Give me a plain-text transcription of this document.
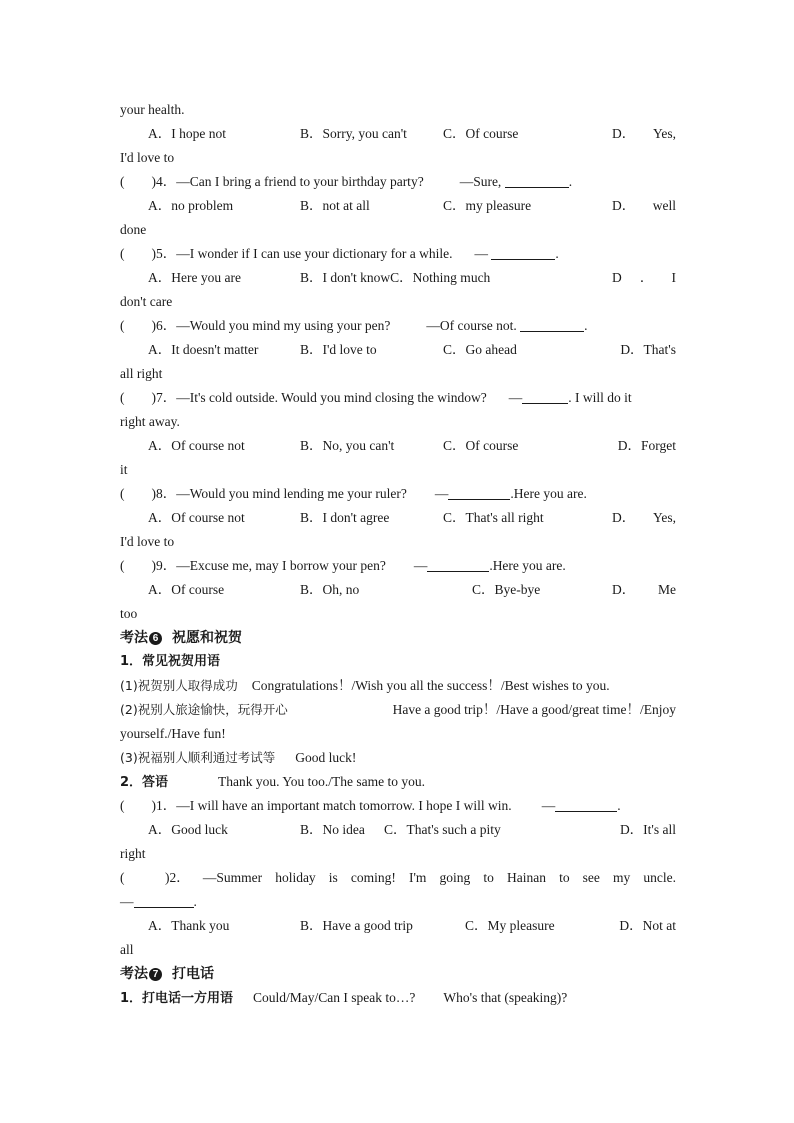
your health.
A．I hope not	B．Sorry, you can't	C．Of course	D． Yes,
I'd love to
(　　)4．—Can I bring a friend to your birthday party?	—Sure,	.
A．no problem	B．not at all	C．my pleasure	D． well
done
(　　)5．—I wonder if I can use your dictionary for a while. —	.
A．Here you are	B．I don't knowC．Nothing much	D ． I
don't care
(　　)6．—Would you mind my using your pen?	—Of course not.	.
A．It doesn't matter	B．I'd love to	C．Go ahead	D．That's
all right
(　　)7．—It's cold outside. Would you mind closing the window? —	. I will do it
right away.
A．Of course not	B．No, you can't	C．Of course	D．Forget
it
(　　)8．—Would you mind lending me your ruler? —	.Here you are.
A．Of course not	B．I don't agree	C．That's all right	D． Yes,
I'd love to
(　　)9．—Excuse me, may I borrow your pen? —	.Here you are.
A．Of course	B．Oh, no	C．Bye-bye	D． Me
too
考法 6 祝愿和祝贺
1．常见祝贺用语
(1)祝贺别人取得成功 Congratulations！/Wish you all the success！/Best wishes to you.
(2)祝别人旅途愉快，玩得开心	Have a good trip！/Have a good/great time！/Enjoy
yourself./Have fun!
(3)祝福别人顺利通过考试等 Good luck!
2．答语	Thank you. You too./The same to you.
(　　)1．—I will have an important match tomorrow. I hope I will win. —	.
A．Good luck	B．No idea C．That's such a pity	D．It's all
right
(　　　)2． —Summer holiday is coming! I'm going to Hainan to see my uncle.
—	.
A．Thank you	B．Have a good trip	C．My pleasure	D．Not at
all
考法 7 打电话
1．打电话一方用语 Could/May/Can I speak to…? Who's that (speaking)?
